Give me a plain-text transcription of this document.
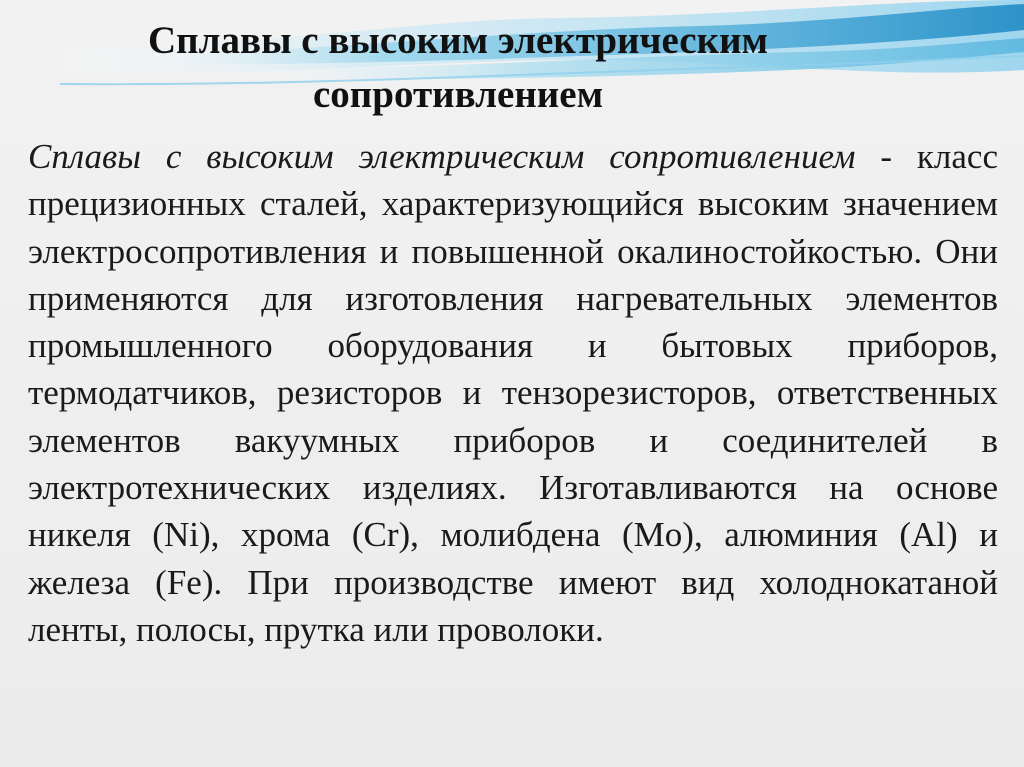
Сплавы с высоким электрическим
сопротивлением

Сплавы с высоким электрическим сопротивлением - класс прецизионных сталей, характеризующийся высоким значением электросопротивления и повышенной окалиностойкостью. Они применяются для изготовления нагревательных элементов промышленного оборудования и бытовых приборов, термодатчиков, резисторов и тензорезисторов, ответственных элементов вакуумных приборов и соединителей в электротехнических изделиях. Изготавливаются на основе никеля (Ni), хрома (Cr), молибдена (Mo), алюминия (Al) и железа (Fe). При производстве имеют вид холоднокатаной ленты, полосы, прутка или проволоки.
